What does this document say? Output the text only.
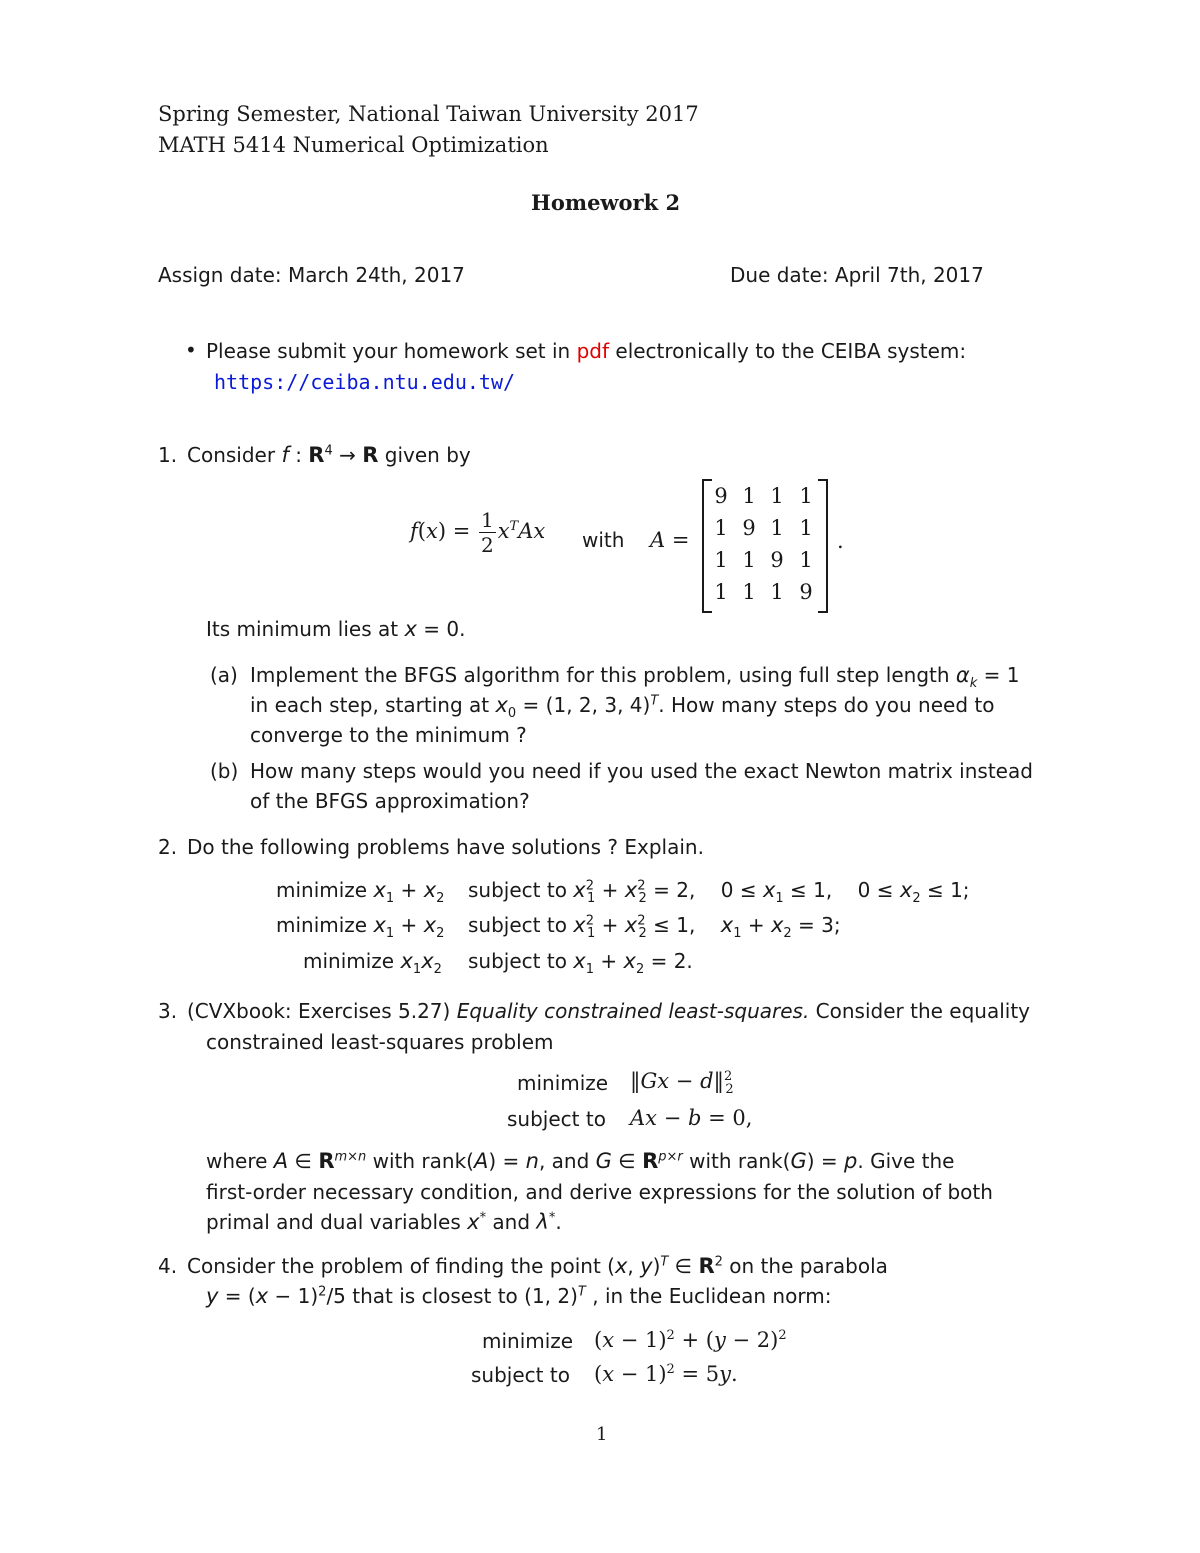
Spring Semester, National Taiwan University 2017
MATH 5414 Numerical Optimization
Homework 2
Assign date: March 24th, 2017	Due date: April 7th, 2017
• Please submit your homework set in pdf electronically to the CEIBA system:
https://ceiba.ntu.edu.tw/
1. Consider f : $R^4 \to R$ given by
$f(x) = \frac{1}{2} x^TAx$ with A =
9 1 1 1
1 9 1 1
1 1 9 1
1 1 1 9
.
Its minimum lies at x = 0.
(a) Implement the BFGS algorithm for this problem, using full step length $\alpha_k = 1$
in each step, starting at $x_0 = (1$, 2, 3, 4)$^T$. How many steps do you need to
converge to the minimum ?
(b) How many steps would you need if you used the exact Newton matrix instead
of the BFGS approximation?
2. Do the following problems have solutions ? Explain.
minimize $x_1 + x_2$ subject to $x^2_1 + x^2_2 = 2$,    $0 \le x_1 \le 1$,    $0 \le x_2 \le 1$;
minimize $x_1 + x_2$ subject to $x^2_1 + x^2_2 \le 1$,    $x_1 + x_2 = 3$;
minimize $x_1x_2$ subject to $x_1 + x_2 = 2$.
3. (CVXbook: Exercises 5.27) Equality constrained least-squares. Consider the equality
constrained least-squares problem
minimize ‖Gx − d‖$^2_2$
subject to Ax − b = 0,
where A ∈ $R^{m\times n}$ with rank(A) = n, and G ∈ $R^{p\times r}$ with rank(G) = p. Give the
first-order necessary condition, and derive expressions for the solution of both
primal and dual variables x* and λ*.
4. Consider the problem of finding the point (x, y)$^T$ ∈ $R^2$ on the parabola
$y = (x - 1)^2/5$ that is closest to (1, 2)$^T$ , in the Euclidean norm:
minimize $(x - 1)^2 + (y - 2)^2$
subject to $(x - 1)^2 = 5y$.
1
